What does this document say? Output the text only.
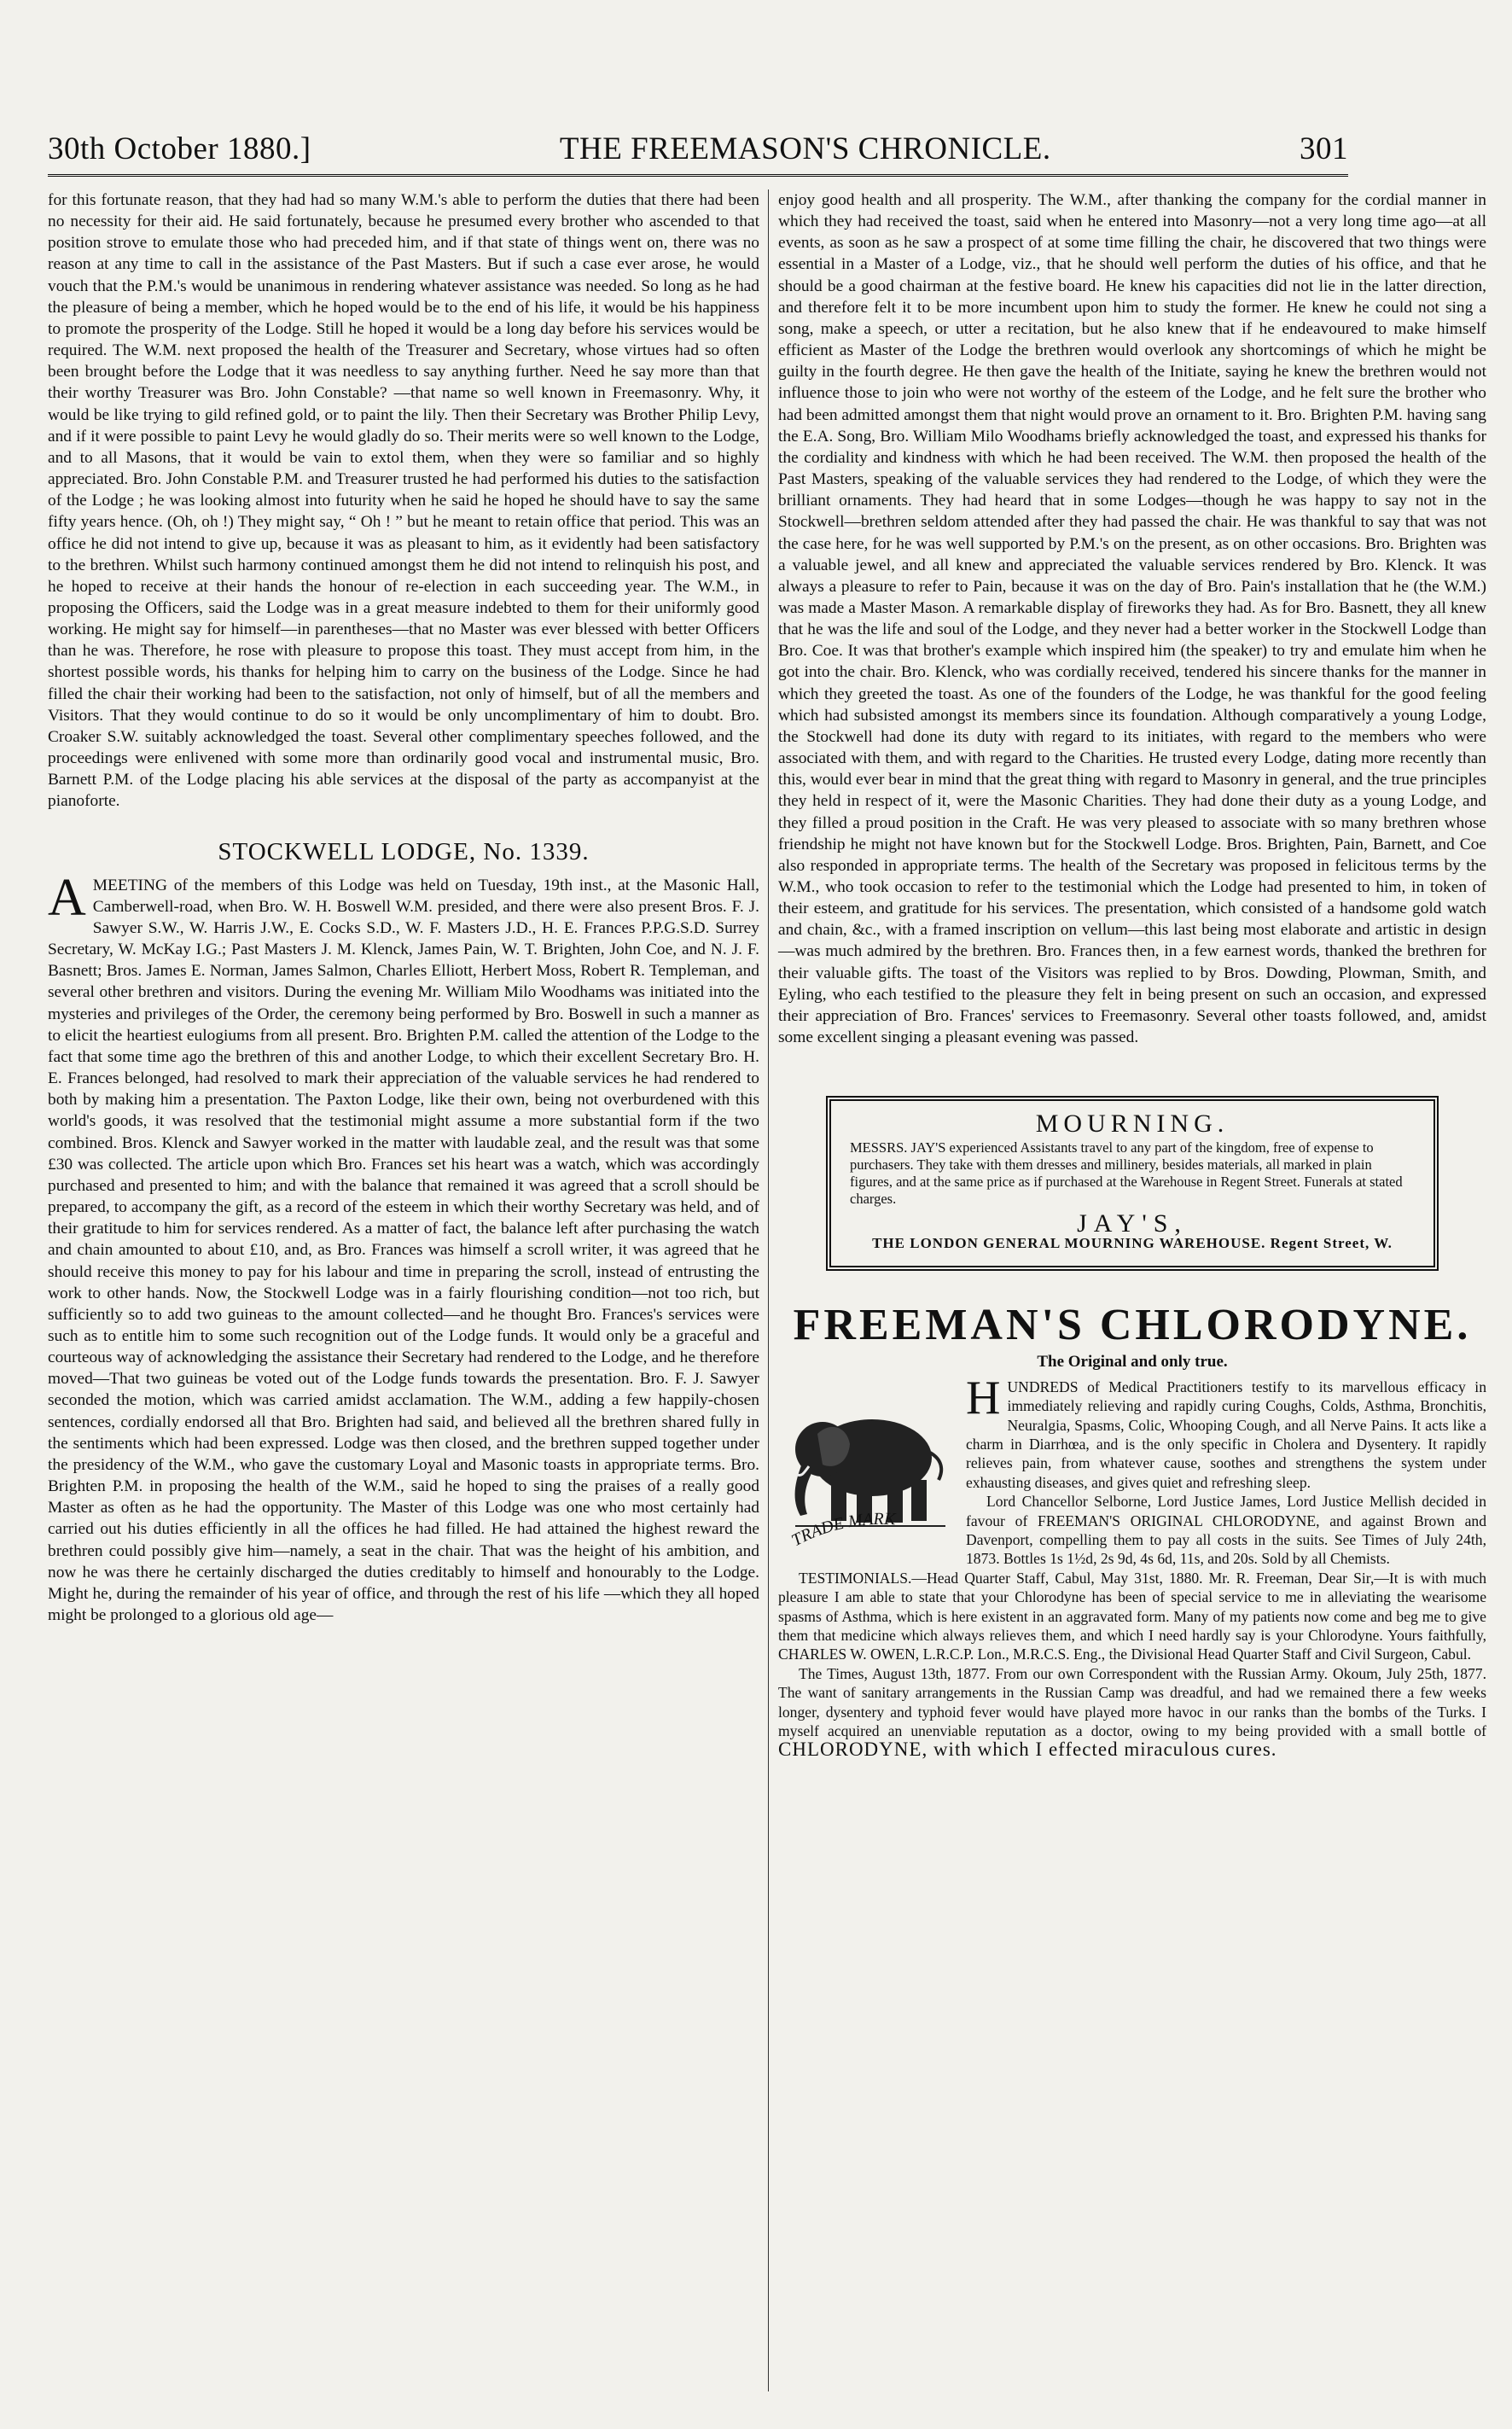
30th October 1880.]	THE FREEMASON'S CHRONICLE.	301

for this fortunate reason, that they had had so many W.M.'s able to perform the duties that there had been no necessity for their aid. He said fortunately, because he presumed every brother who ascended to that position strove to emulate those who had preceded him, and if that state of things went on, there was no reason at any time to call in the assistance of the Past Masters. But if such a case ever arose, he would vouch that the P.M.'s would be unanimous in rendering whatever assistance was needed. So long as he had the pleasure of being a member, which he hoped would be to the end of his life, it would be his happiness to promote the prosperity of the Lodge. Still he hoped it would be a long day before his services would be required. The W.M. next proposed the health of the Treasurer and Secretary, whose virtues had so often been brought before the Lodge that it was needless to say anything further. Need he say more than that their worthy Treasurer was Bro. John Constable? —that name so well known in Freemasonry. Why, it would be like trying to gild refined gold, or to paint the lily. Then their Secretary was Brother Philip Levy, and if it were possible to paint Levy he would gladly do so. Their merits were so well known to the Lodge, and to all Masons, that it would be vain to extol them, when they were so familiar and so highly appreciated. Bro. John Constable P.M. and Treasurer trusted he had performed his duties to the satisfaction of the Lodge ; he was looking almost into futurity when he said he hoped he should have to say the same fifty years hence. (Oh, oh !) They might say, “ Oh ! ” but he meant to retain office that period. This was an office he did not intend to give up, because it was as pleasant to him, as it evidently had been satisfactory to the brethren. Whilst such harmony continued amongst them he did not intend to relinquish his post, and he hoped to receive at their hands the honour of re-election in each succeeding year. The W.M., in proposing the Officers, said the Lodge was in a great measure indebted to them for their uniformly good working. He might say for himself—in parentheses—that no Master was ever blessed with better Officers than he was. Therefore, he rose with pleasure to propose this toast. They must accept from him, in the shortest possible words, his thanks for helping him to carry on the business of the Lodge. Since he had filled the chair their working had been to the satisfaction, not only of himself, but of all the members and Visitors. That they would continue to do so it would be only uncomplimentary of him to doubt. Bro. Croaker S.W. suitably acknowledged the toast. Several other complimentary speeches followed, and the proceedings were enlivened with some more than ordinarily good vocal and instrumental music, Bro. Barnett P.M. of the Lodge placing his able services at the disposal of the party as accompanyist at the pianoforte.

STOCKWELL LODGE, No. 1339.

AMEETING of the members of this Lodge was held on Tuesday, 19th inst., at the Masonic Hall, Camberwell-road, when Bro. W. H. Boswell W.M. presided, and there were also present Bros. F. J. Sawyer S.W., W. Harris J.W., E. Cocks S.D., W. F. Masters J.D., H. E. Frances P.P.G.S.D. Surrey Secretary, W. McKay I.G.; Past Masters J. M. Klenck, James Pain, W. T. Brighten, John Coe, and N. J. F. Basnett; Bros. James E. Norman, James Salmon, Charles Elliott, Herbert Moss, Robert R. Templeman, and several other brethren and visitors. During the evening Mr. William Milo Woodhams was initiated into the mysteries and privileges of the Order, the ceremony being performed by Bro. Boswell in such a manner as to elicit the heartiest eulogiums from all present. Bro. Brighten P.M. called the attention of the Lodge to the fact that some time ago the brethren of this and another Lodge, to which their excellent Secretary Bro. H. E. Frances belonged, had resolved to mark their appreciation of the valuable services he had rendered to both by making him a presentation. The Paxton Lodge, like their own, being not overburdened with this world's goods, it was resolved that the testimonial might assume a more substantial form if the two combined. Bros. Klenck and Sawyer worked in the matter with laudable zeal, and the result was that some £30 was collected. The article upon which Bro. Frances set his heart was a watch, which was accordingly purchased and presented to him; and with the balance that remained it was agreed that a scroll should be prepared, to accompany the gift, as a record of the esteem in which their worthy Secretary was held, and of their gratitude to him for services rendered. As a matter of fact, the balance left after purchasing the watch and chain amounted to about £10, and, as Bro. Frances was himself a scroll writer, it was agreed that he should receive this money to pay for his labour and time in preparing the scroll, instead of entrusting the work to other hands. Now, the Stockwell Lodge was in a fairly flourishing condition—not too rich, but sufficiently so to add two guineas to the amount collected—and he thought Bro. Frances's services were such as to entitle him to some such recognition out of the Lodge funds. It would only be a graceful and courteous way of acknowledging the assistance their Secretary had rendered to the Lodge, and he therefore moved—That two guineas be voted out of the Lodge funds towards the presentation. Bro. F. J. Sawyer seconded the motion, which was carried amidst acclamation. The W.M., adding a few happily-chosen sentences, cordially endorsed all that Bro. Brighten had said, and believed all the brethren shared fully in the sentiments which had been expressed. Lodge was then closed, and the brethren supped together under the presidency of the W.M., who gave the customary Loyal and Masonic toasts in appropriate terms. Bro. Brighten P.M. in proposing the health of the W.M., said he hoped to sing the praises of a really good Master as often as he had the opportunity. The Master of this Lodge was one who most certainly had carried out his duties efficiently in all the offices he had filled. He had attained the highest reward the brethren could possibly give him—namely, a seat in the chair. That was the height of his ambition, and now he was there he certainly discharged the duties creditably to himself and honourably to the Lodge. Might he, during the remainder of his year of office, and through the rest of his life —which they all hoped might be prolonged to a glorious old age—

enjoy good health and all prosperity. The W.M., after thanking the company for the cordial manner in which they had received the toast, said when he entered into Masonry—not a very long time ago—at all events, as soon as he saw a prospect of at some time filling the chair, he discovered that two things were essential in a Master of a Lodge, viz., that he should well perform the duties of his office, and that he should be a good chairman at the festive board. He knew his capacities did not lie in the latter direction, and therefore felt it to be more incumbent upon him to study the former. He knew he could not sing a song, make a speech, or utter a recitation, but he also knew that if he endeavoured to make himself efficient as Master of the Lodge the brethren would overlook any shortcomings of which he might be guilty in the fourth degree. He then gave the health of the Initiate, saying he knew the brethren would not influence those to join who were not worthy of the esteem of the Lodge, and he felt sure the brother who had been admitted amongst them that night would prove an ornament to it. Bro. Brighten P.M. having sang the E.A. Song, Bro. William Milo Woodhams briefly acknowledged the toast, and expressed his thanks for the cordiality and kindness with which he had been received. The W.M. then proposed the health of the Past Masters, speaking of the valuable services they had rendered to the Lodge, of which they were the brilliant ornaments. They had heard that in some Lodges—though he was happy to say not in the Stockwell—brethren seldom attended after they had passed the chair. He was thankful to say that was not the case here, for he was well supported by P.M.'s on the present, as on other occasions. Bro. Brighten was a valuable jewel, and all knew and appreciated the valuable services rendered by Bro. Klenck. It was always a pleasure to refer to Pain, because it was on the day of Bro. Pain's installation that he (the W.M.) was made a Master Mason. A remarkable display of fireworks they had. As for Bro. Basnett, they all knew that he was the life and soul of the Lodge, and they never had a better worker in the Stockwell Lodge than Bro. Coe. It was that brother's example which inspired him (the speaker) to try and emulate him when he got into the chair. Bro. Klenck, who was cordially received, tendered his sincere thanks for the manner in which they greeted the toast. As one of the founders of the Lodge, he was thankful for the good feeling which had subsisted amongst its members since its foundation. Although comparatively a young Lodge, the Stockwell had done its duty with regard to its initiates, with regard to the members who were associated with them, and with regard to the Charities. He trusted every Lodge, dating more recently than this, would ever bear in mind that the great thing with regard to Masonry in general, and the true principles they held in respect of it, were the Masonic Charities. They had done their duty as a young Lodge, and they filled a proud position in the Craft. He was very pleased to associate with so many brethren whose friendship he might not have known but for the Stockwell Lodge. Bros. Brighten, Pain, Barnett, and Coe also responded in appropriate terms. The health of the Secretary was proposed in felicitous terms by the W.M., who took occasion to refer to the testimonial which the Lodge had presented to him, in token of their esteem, and gratitude for his services. The presentation, which consisted of a handsome gold watch and chain, &c., with a framed inscription on vellum—this last being most elaborate and artistic in design—was much admired by the brethren. Bro. Frances then, in a few earnest words, thanked the brethren for their valuable gifts. The toast of the Visitors was replied to by Bros. Dowding, Plowman, Smith, and Eyling, who each testified to the pleasure they felt in being present on such an occasion, and expressed their appreciation of Bro. Frances' services to Freemasonry. Several other toasts followed, and, amidst some excellent singing a pleasant evening was passed.

MOURNING.
MESSRS. JAY'S experienced Assistants travel to any part of the kingdom, free of expense to purchasers. They take with them dresses and millinery, besides materials, all marked in plain figures, and at the same price as if purchased at the Warehouse in Regent Street. Funerals at stated charges.
JAY'S,
THE LONDON GENERAL MOURNING WAREHOUSE. Regent Street, W.
FREEMAN'S CHLORODYNE.
The Original and only true.
TRADE MARK

HUNDREDS of Medical Practitioners testify to its marvellous efficacy in immediately relieving and rapidly curing Coughs, Colds, Asthma, Bronchitis, Neuralgia, Spasms, Colic, Whooping Cough, and all Nerve Pains. It acts like a charm in Diarrhœa, and is the only specific in Cholera and Dysentery. It rapidly relieves pain, from whatever cause, soothes and strengthens the system under exhausting diseases, and gives quiet and refreshing sleep.

Lord Chancellor Selborne, Lord Justice James, Lord Justice Mellish decided in favour of FREEMAN'S ORIGINAL CHLORODYNE, and against Brown and Davenport, compelling them to pay all costs in the suits. See Times of July 24th, 1873. Bottles 1s 1½d, 2s 9d, 4s 6d, 11s, and 20s. Sold by all Chemists.

TESTIMONIALS.—Head Quarter Staff, Cabul, May 31st, 1880. Mr. R. Freeman, Dear Sir,—It is with much pleasure I am able to state that your Chlorodyne has been of special service to me in alleviating the wearisome spasms of Asthma, which is here existent in an aggravated form. Many of my patients now come and beg me to give them that medicine which always relieves them, and which I need hardly say is your Chlorodyne. Yours faithfully, CHARLES W. OWEN, L.R.C.P. Lon., M.R.C.S. Eng., the Divisional Head Quarter Staff and Civil Surgeon, Cabul.

The Times, August 13th, 1877. From our own Correspondent with the Russian Army. Okoum, July 25th, 1877. The want of sanitary arrangements in the Russian Camp was dreadful, and had we remained there a few weeks longer, dysentery and typhoid fever would have played more havoc in our ranks than the bombs of the Turks. I myself acquired an unenviable reputation as a doctor, owing to my being provided with a small bottle of CHLORODYNE, with which I effected miraculous cures.
